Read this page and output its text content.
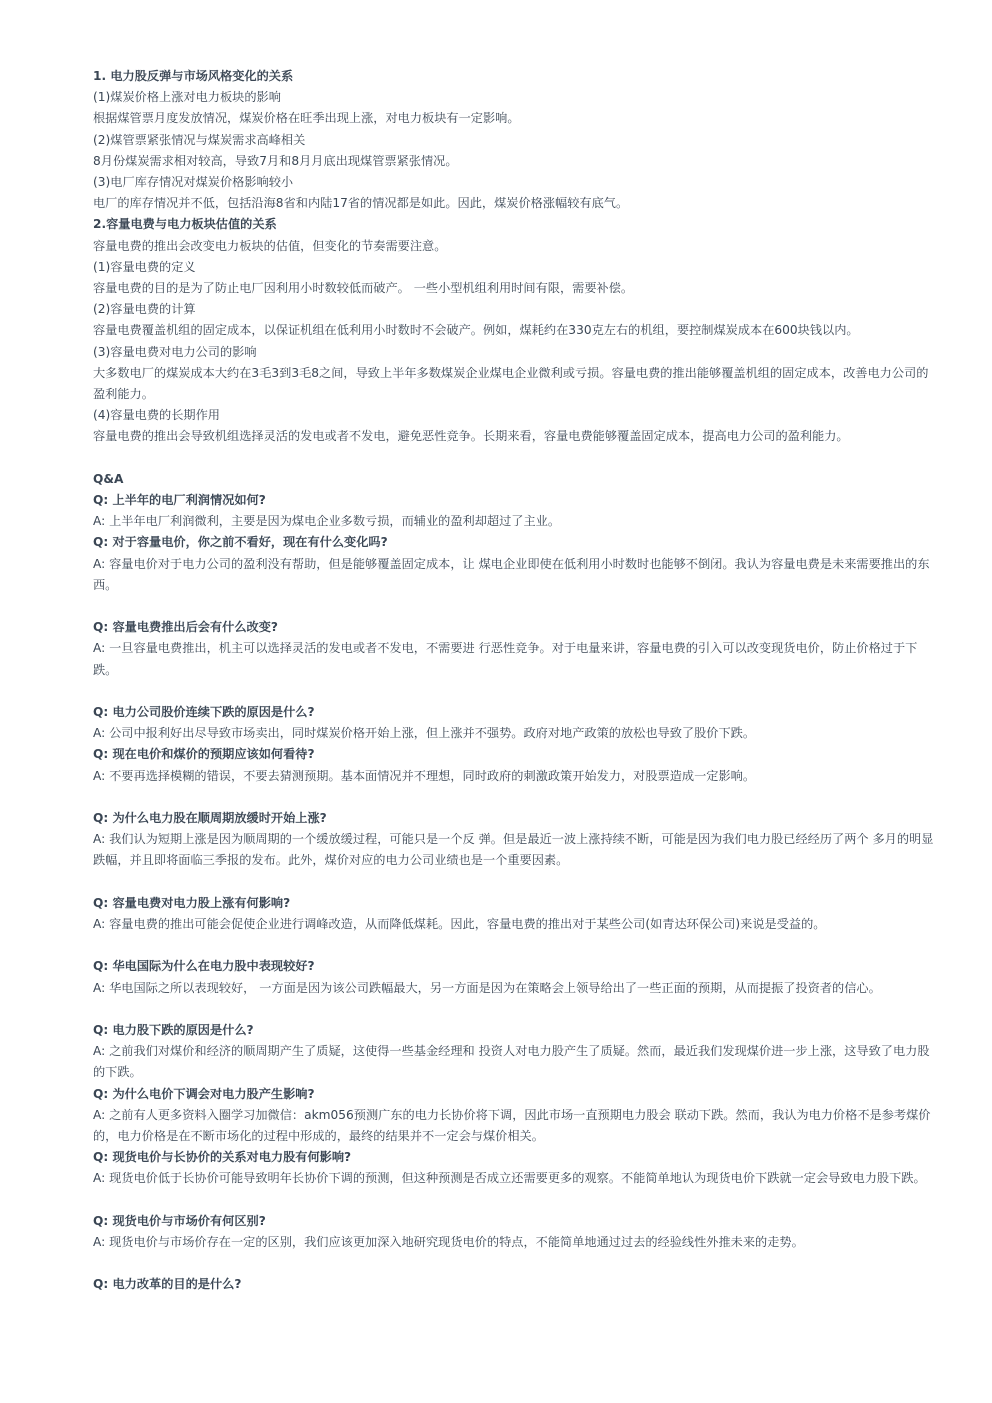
1. 电力股反弹与市场风格变化的关系
(1)煤炭价格上涨对电力板块的影响
根据煤管票月度发放情况，煤炭价格在旺季出现上涨，对电力板块有一定影响。
(2)煤管票紧张情况与煤炭需求高峰相关
8月份煤炭需求相对较高，导致7月和8月月底出现煤管票紧张情况。
(3)电厂库存情况对煤炭价格影响较小
电厂的库存情况并不低，包括沿海8省和内陆17省的情况都是如此。因此，煤炭价格涨幅较有底气。
2.容量电费与电力板块估值的关系
容量电费的推出会改变电力板块的估值，但变化的节奏需要注意。
(1)容量电费的定义
容量电费的目的是为了防止电厂因利用小时数较低而破产。 一些小型机组利用时间有限，需要补偿。
(2)容量电费的计算
容量电费覆盖机组的固定成本，以保证机组在低利用小时数时不会破产。例如，煤耗约在330克左右的机组，要控制煤炭成本在600块钱以内。
(3)容量电费对电力公司的影响
大多数电厂的煤炭成本大约在3毛3到3毛8之间，导致上半年多数煤炭企业煤电企业微利或亏损。容量电费的推出能够覆盖机组的固定成本，改善电力公司的盈利能力。
(4)容量电费的长期作用
容量电费的推出会导致机组选择灵活的发电或者不发电，避免恶性竞争。长期来看，容量电费能够覆盖固定成本，提高电力公司的盈利能力。
Q&A
Q: 上半年的电厂利润情况如何?
A: 上半年电厂利润微利，主要是因为煤电企业多数亏损，而辅业的盈利却超过了主业。
Q: 对于容量电价，你之前不看好，现在有什么变化吗?
A: 容量电价对于电力公司的盈利没有帮助，但是能够覆盖固定成本，让 煤电企业即使在低利用小时数时也能够不倒闭。我认为容量电费是未来需要推出的东西。
Q: 容量电费推出后会有什么改变?
A: 一旦容量电费推出，机主可以选择灵活的发电或者不发电，不需要进 行恶性竞争。对于电量来讲，容量电费的引入可以改变现货电价，防止价格过于下跌。
Q: 电力公司股价连续下跌的原因是什么?
A: 公司中报利好出尽导致市场卖出，同时煤炭价格开始上涨，但上涨并不强势。政府对地产政策的放松也导致了股价下跌。
Q: 现在电价和煤价的预期应该如何看待?
A: 不要再选择模糊的错误，不要去猜测预期。基本面情况并不理想，同时政府的刺激政策开始发力，对股票造成一定影响。
Q: 为什么电力股在顺周期放缓时开始上涨?
A: 我们认为短期上涨是因为顺周期的一个缓放缓过程，可能只是一个反 弹。但是最近一波上涨持续不断，可能是因为我们电力股已经经历了两个 多月的明显跌幅，并且即将面临三季报的发布。此外，煤价对应的电力公司业绩也是一个重要因素。
Q: 容量电费对电力股上涨有何影响?
A: 容量电费的推出可能会促使企业进行调峰改造，从而降低煤耗。因此，容量电费的推出对于某些公司(如青达环保公司)来说是受益的。
Q: 华电国际为什么在电力股中表现较好?
A: 华电国际之所以表现较好， 一方面是因为该公司跌幅最大，另一方面是因为在策略会上领导给出了一些正面的预期，从而提振了投资者的信心。
Q: 电力股下跌的原因是什么?
A: 之前我们对煤价和经济的顺周期产生了质疑，这使得一些基金经理和 投资人对电力股产生了质疑。然而，最近我们发现煤价进一步上涨，这导致了电力股的下跌。
Q: 为什么电价下调会对电力股产生影响?
A: 之前有人更多资料入圈学习加微信：akm056预测广东的电力长协价将下调，因此市场一直预期电力股会 联动下跌。然而，我认为电力价格不是参考煤价的，电力价格是在不断市场化的过程中形成的，最终的结果并不一定会与煤价相关。
Q: 现货电价与长协价的关系对电力股有何影响?
A: 现货电价低于长协价可能导致明年长协价下调的预测，但这种预测是否成立还需要更多的观察。不能简单地认为现货电价下跌就一定会导致电力股下跌。
Q: 现货电价与市场价有何区别?
A: 现货电价与市场价存在一定的区别，我们应该更加深入地研究现货电价的特点，不能简单地通过过去的经验线性外推未来的走势。
Q: 电力改革的目的是什么?
